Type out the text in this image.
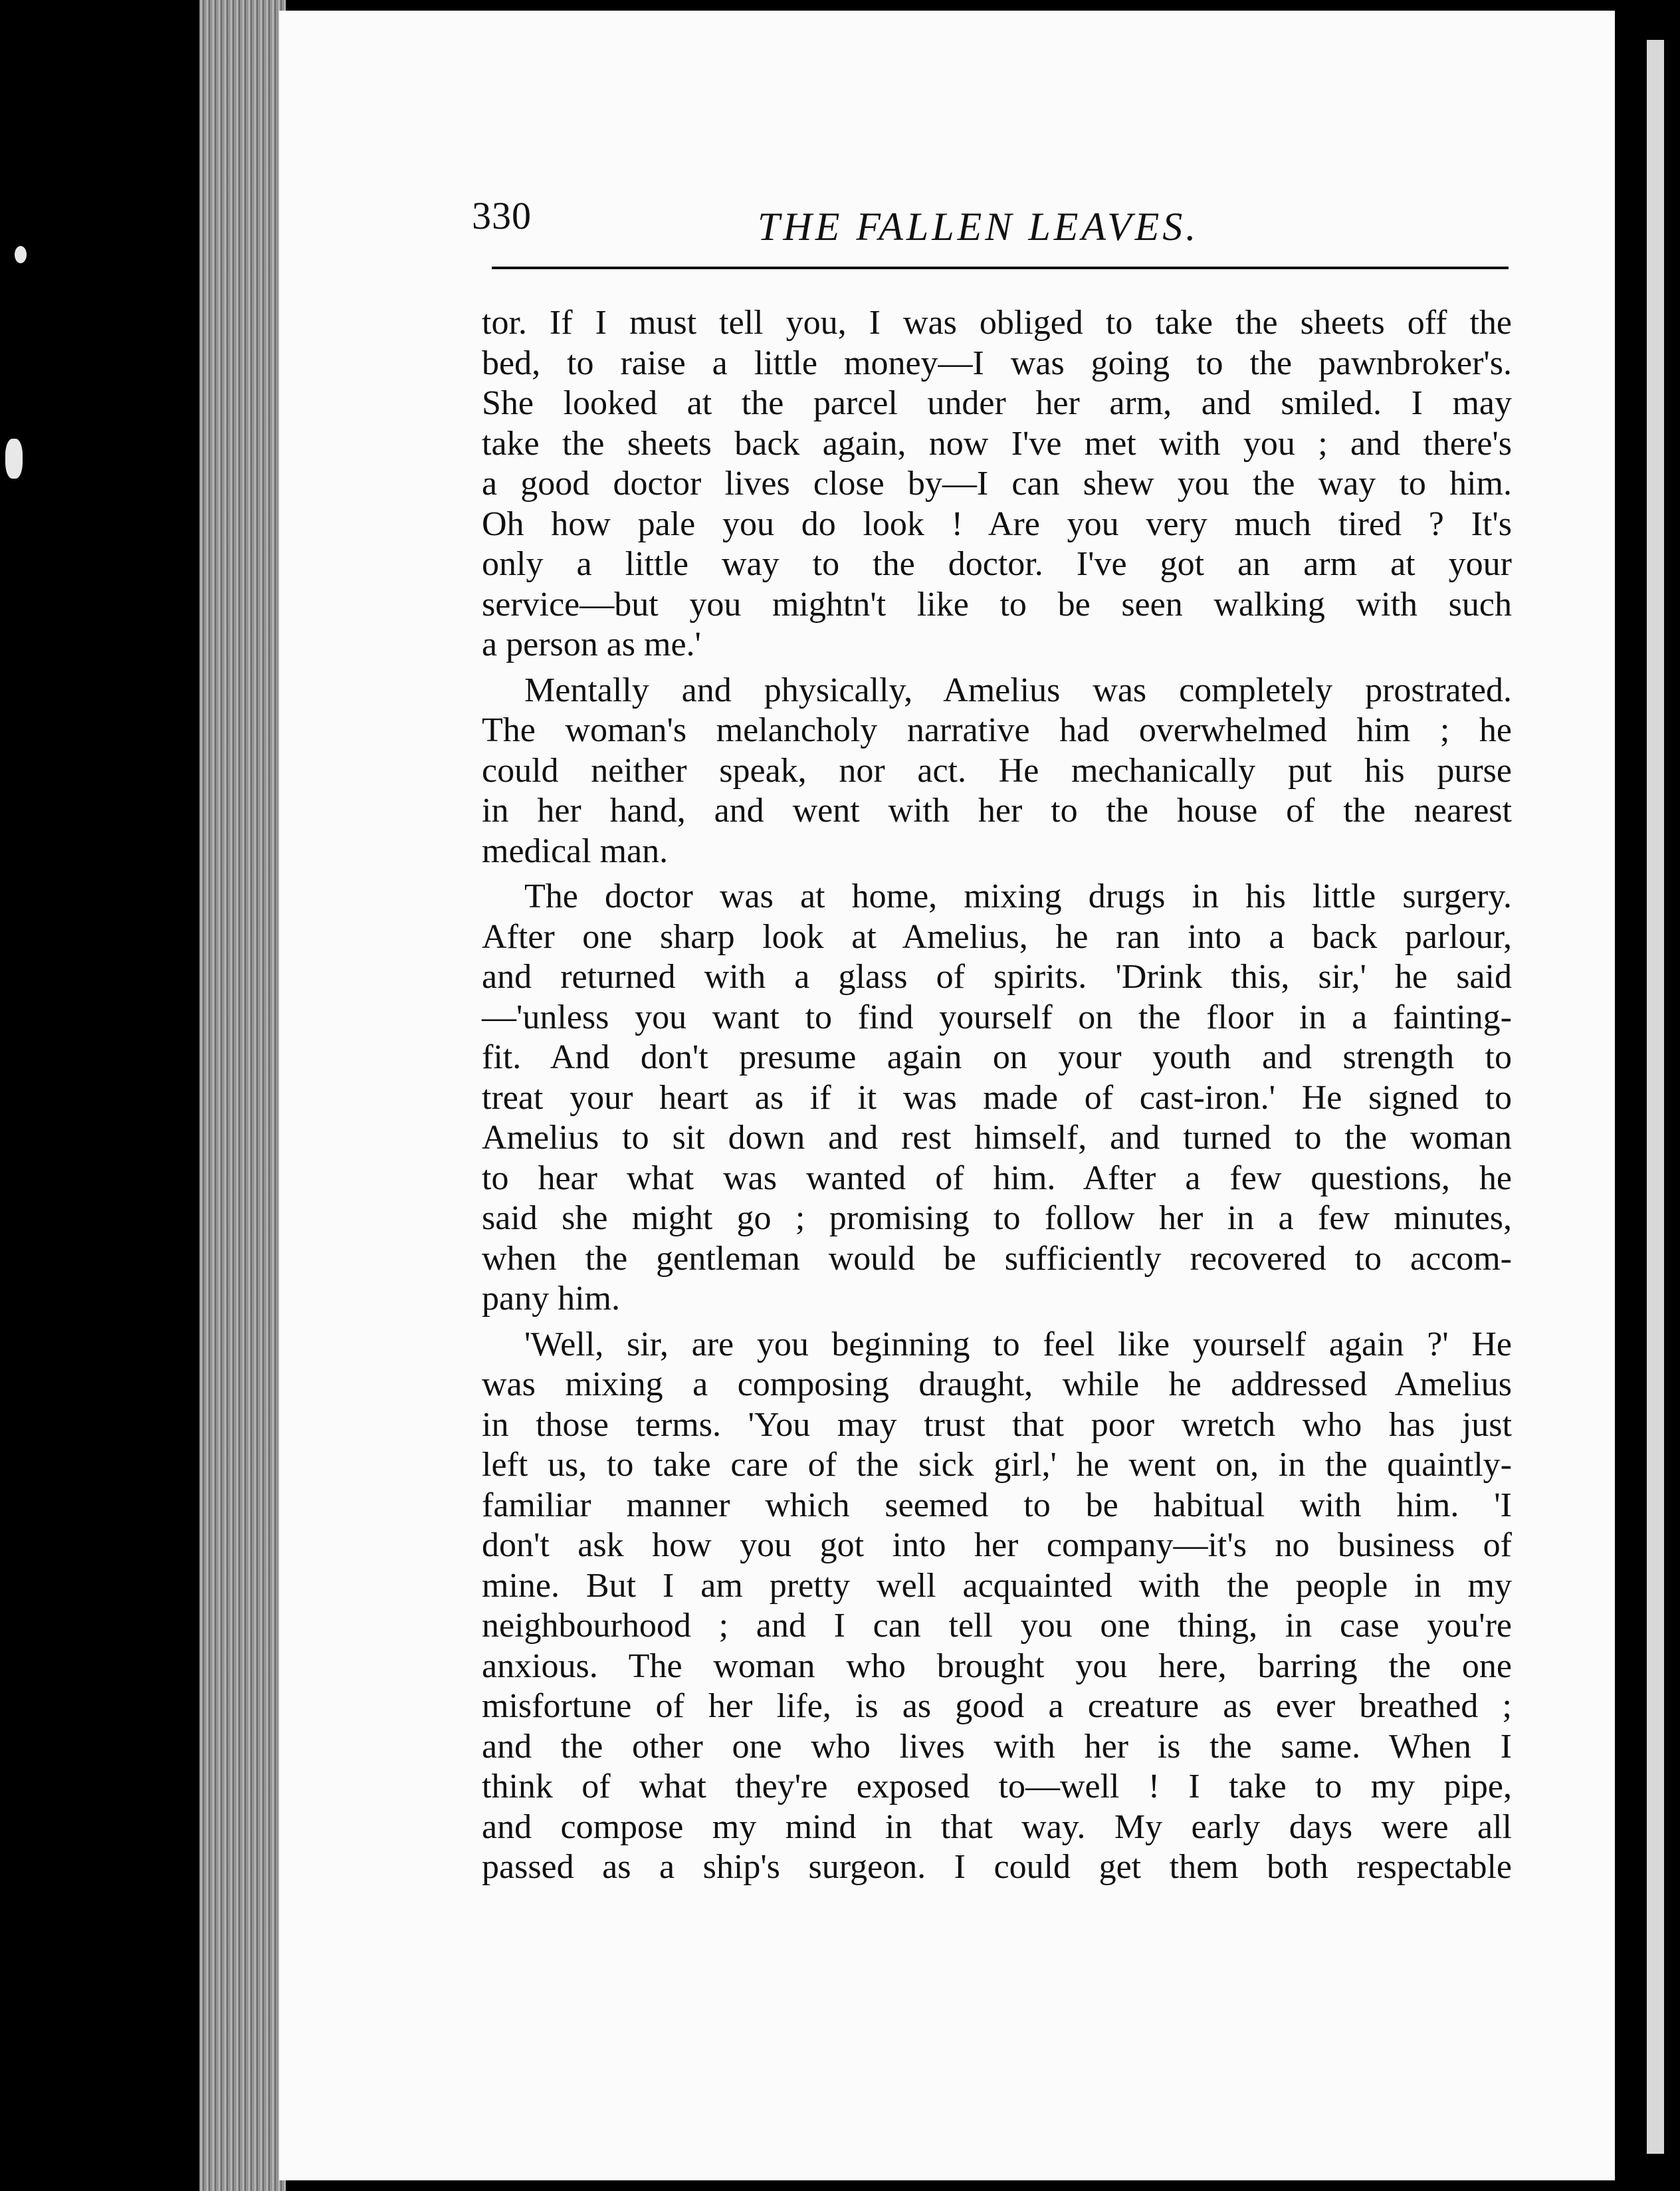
330	THE FALLEN LEAVES.
tor. If I must tell you, I was obliged to take the sheets off the
bed, to raise a little money—I was going to the pawnbroker's.
She looked at the parcel under her arm, and smiled. I may
take the sheets back again, now I've met with you ; and there's
a good doctor lives close by—I can shew you the way to him.
Oh how pale you do look ! Are you very much tired ? It's
only a little way to the doctor. I've got an arm at your
service—but you mightn't like to be seen walking with such
a person as me.'
Mentally and physically, Amelius was completely prostrated.
The woman's melancholy narrative had overwhelmed him ; he
could neither speak, nor act. He mechanically put his purse
in her hand, and went with her to the house of the nearest
medical man.
The doctor was at home, mixing drugs in his little surgery.
After one sharp look at Amelius, he ran into a back parlour,
and returned with a glass of spirits. 'Drink this, sir,' he said
—'unless you want to find yourself on the floor in a fainting-
fit. And don't presume again on your youth and strength to
treat your heart as if it was made of cast-iron.' He signed to
Amelius to sit down and rest himself, and turned to the woman
to hear what was wanted of him. After a few questions, he
said she might go ; promising to follow her in a few minutes,
when the gentleman would be sufficiently recovered to accom-
pany him.
'Well, sir, are you beginning to feel like yourself again ?' He
was mixing a composing draught, while he addressed Amelius
in those terms. 'You may trust that poor wretch who has just
left us, to take care of the sick girl,' he went on, in the quaintly-
familiar manner which seemed to be habitual with him. 'I
don't ask how you got into her company—it's no business of
mine. But I am pretty well acquainted with the people in my
neighbourhood ; and I can tell you one thing, in case you're
anxious. The woman who brought you here, barring the one
misfortune of her life, is as good a creature as ever breathed ;
and the other one who lives with her is the same. When I
think of what they're exposed to—well ! I take to my pipe,
and compose my mind in that way. My early days were all
passed as a ship's surgeon. I could get them both respectable
